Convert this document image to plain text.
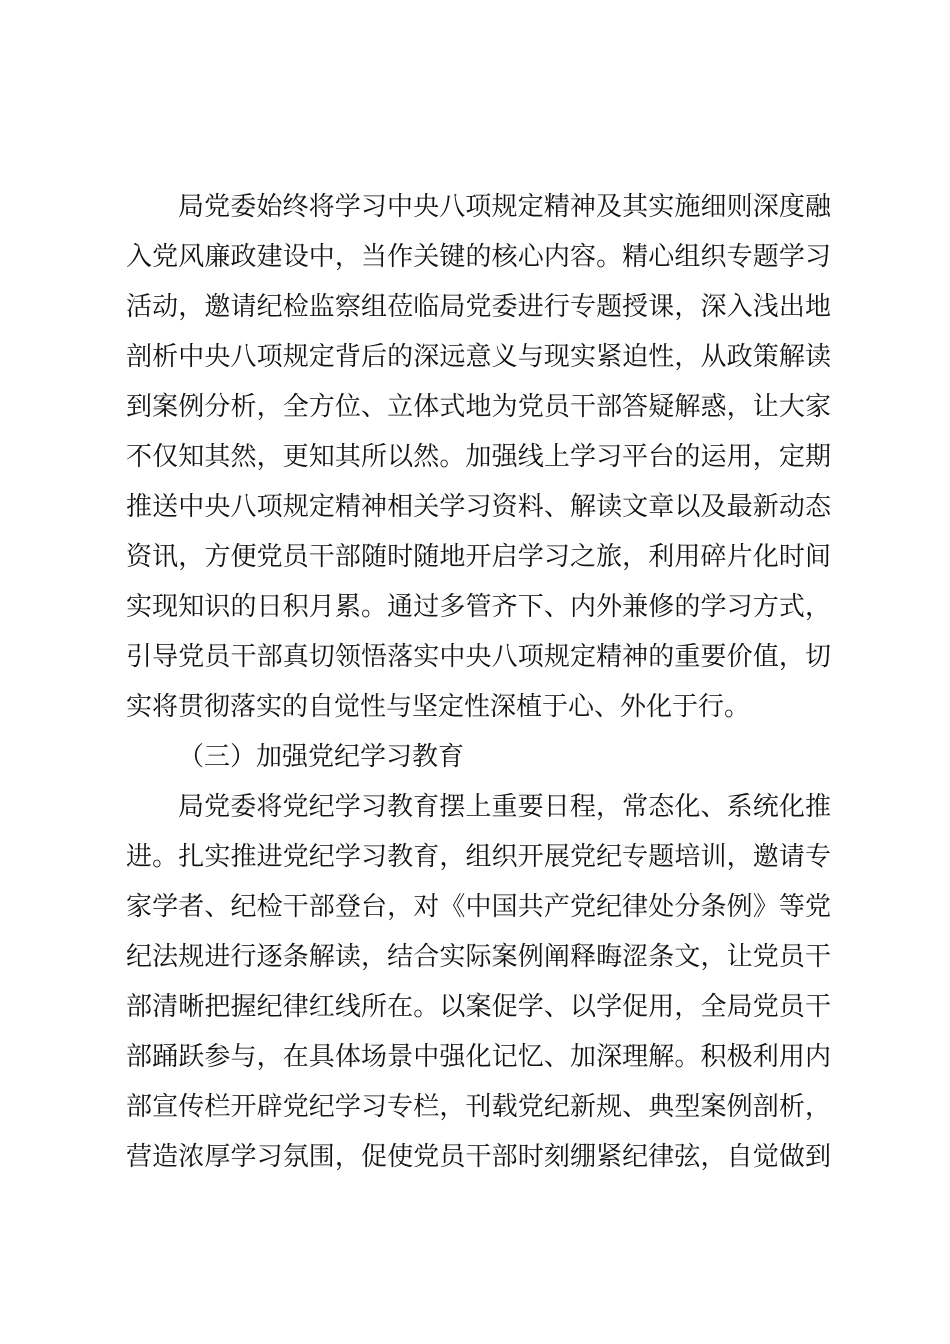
局党委始终将学习中央八项规定精神及其实施细则深度融
入党风廉政建设中，当作关键的核心内容。精心组织专题学习
活动，邀请纪检监察组莅临局党委进行专题授课，深入浅出地
剖析中央八项规定背后的深远意义与现实紧迫性，从政策解读
到案例分析，全方位、立体式地为党员干部答疑解惑，让大家
不仅知其然，更知其所以然。加强线上学习平台的运用，定期
推送中央八项规定精神相关学习资料、解读文章以及最新动态
资讯，方便党员干部随时随地开启学习之旅，利用碎片化时间
实现知识的日积月累。通过多管齐下、内外兼修的学习方式，
引导党员干部真切领悟落实中央八项规定精神的重要价值，切
实将贯彻落实的自觉性与坚定性深植于心、外化于行。
（三）加强党纪学习教育
局党委将党纪学习教育摆上重要日程，常态化、系统化推
进。扎实推进党纪学习教育，组织开展党纪专题培训，邀请专
家学者、纪检干部登台，对《中国共产党纪律处分条例》等党
纪法规进行逐条解读，结合实际案例阐释晦涩条文，让党员干
部清晰把握纪律红线所在。以案促学、以学促用，全局党员干
部踊跃参与，在具体场景中强化记忆、加深理解。积极利用内
部宣传栏开辟党纪学习专栏，刊载党纪新规、典型案例剖析，
营造浓厚学习氛围，促使党员干部时刻绷紧纪律弦，自觉做到
